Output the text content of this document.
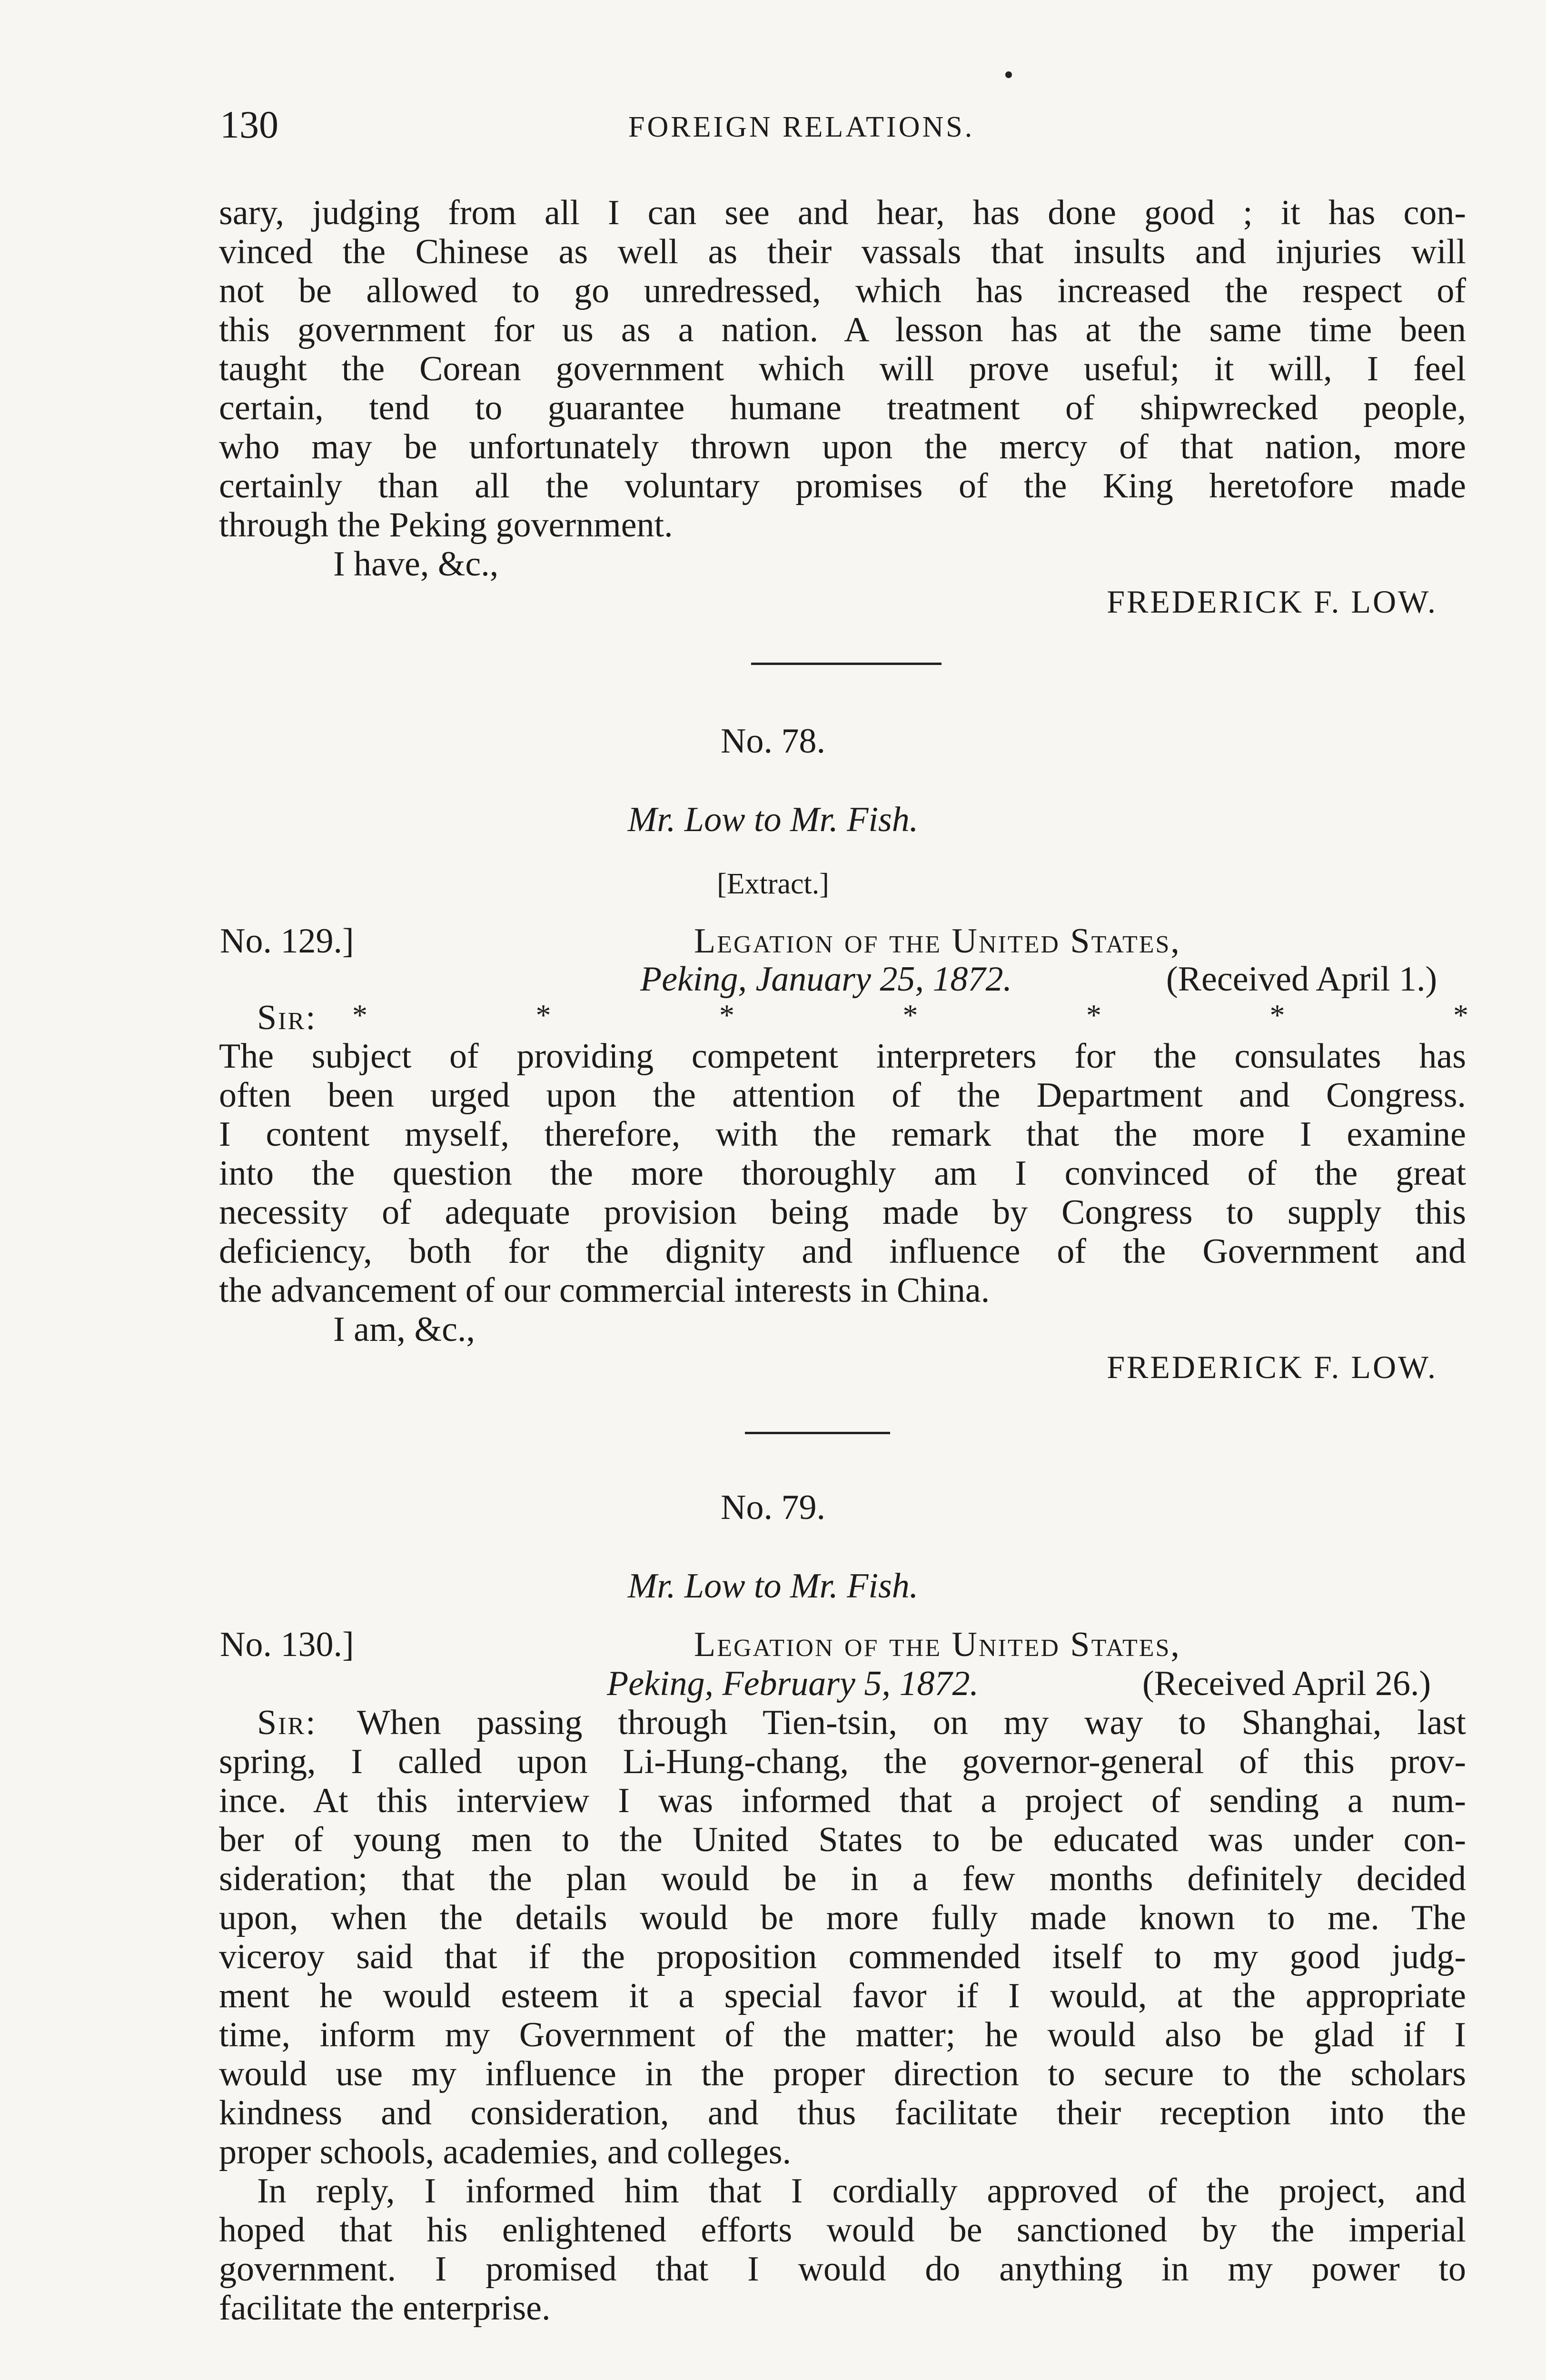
130	FOREIGN RELATIONS.
sary, judging from all I can see and hear, has done good ; it has con-
vinced the Chinese as well as their vassals that insults and injuries will
not be allowed to go unredressed, which has increased the respect of
this government for us as a nation. A lesson has at the same time been
taught the Corean government which will prove useful; it will, I feel
certain, tend to guarantee humane treatment of shipwrecked people,
who may be unfortunately thrown upon the mercy of that nation, more
certainly than all the voluntary promises of the King heretofore made
through the Peking government.
I have, &c.,
FREDERICK F. LOW.
No. 78.
Mr. Low to Mr. Fish.
[Extract.]
No. 129.]	Legation of the United States,
Peking, January 25, 1872.	(Received April 1.)
Sir: *	*	*	*	*	*	*
The subject of providing competent interpreters for the consulates has
often been urged upon the attention of the Department and Congress.
I content myself, therefore, with the remark that the more I examine
into the question the more thoroughly am I convinced of the great
necessity of adequate provision being made by Congress to supply this
deficiency, both for the dignity and influence of the Government and
the advancement of our commercial interests in China.
I am, &c.,
FREDERICK F. LOW.
No. 79.
Mr. Low to Mr. Fish.
No. 130.]	Legation of the United States,
Peking, February 5, 1872.	(Received April 26.)
Sir: When passing through Tien-tsin, on my way to Shanghai, last
spring, I called upon Li-Hung-chang, the governor-general of this prov-
ince. At this interview I was informed that a project of sending a num-
ber of young men to the United States to be educated was under con-
sideration; that the plan would be in a few months definitely decided
upon, when the details would be more fully made known to me. The
viceroy said that if the proposition commended itself to my good judg-
ment he would esteem it a special favor if I would, at the appropriate
time, inform my Government of the matter; he would also be glad if I
would use my influence in the proper direction to secure to the scholars
kindness and consideration, and thus facilitate their reception into the
proper schools, academies, and colleges.
In reply, I informed him that I cordially approved of the project, and
hoped that his enlightened efforts would be sanctioned by the imperial
government. I promised that I would do anything in my power to
facilitate the enterprise.
